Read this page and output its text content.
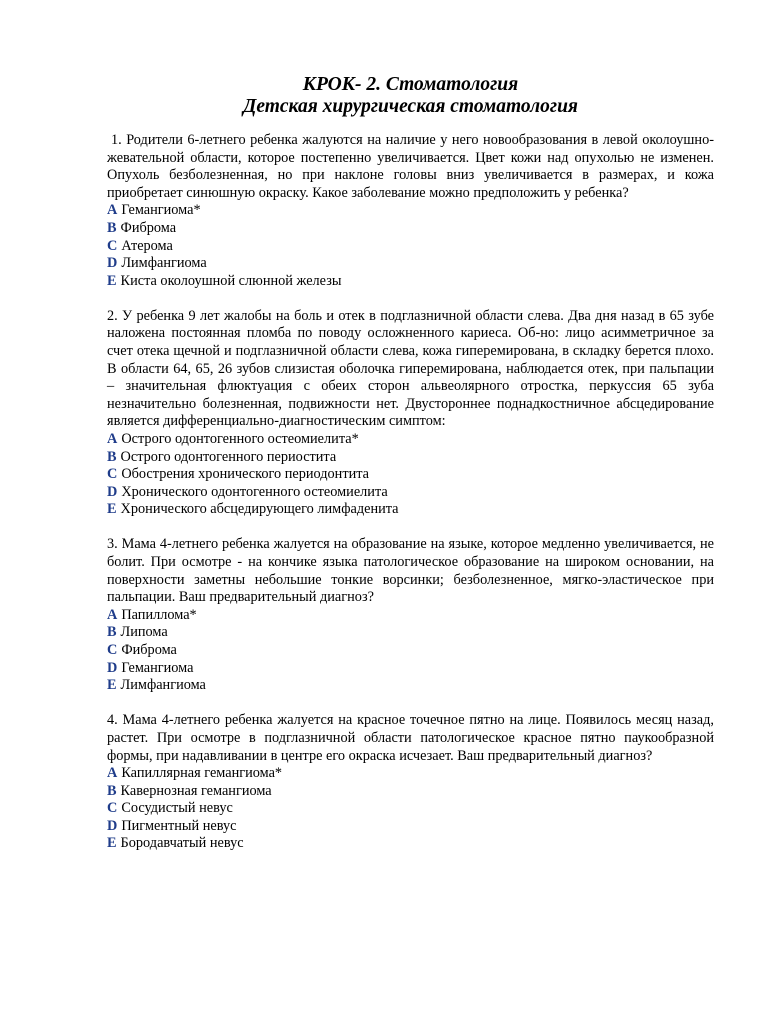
КРОК- 2. Стоматология
Детская хирургическая стоматология

1. Родители 6-летнего ребенка жалуются на наличие у него новообразования в левой околоушно-жевательной области, которое постепенно увеличивается. Цвет кожи над опухолью не изменен. Опухоль безболезненная, но при наклоне головы вниз увеличивается в размерах, и кожа приобретает синюшную окраску. Какое заболевание можно предположить у ребенка?

A Гемангиома*
B Фиброма
C Атерома
D Лимфангиома
E Киста околоушной слюнной железы

2. У ребенка 9 лет жалобы на боль и отек в подглазничной области слева. Два дня назад в 65 зубе наложена постоянная пломба по поводу осложненного кариеса. Об-но: лицо асимметричное за счет отека щечной и подглазничной области слева, кожа гиперемирована, в складку берется плохо. В области 64, 65, 26 зубов слизистая оболочка гиперемирована, наблюдается отек, при пальпации – значительная флюктуация с обеих сторон альвеолярного отростка, перкуссия 65 зуба незначительно болезненная, подвижности нет. Двустороннее поднадкостничное абсцедирование является дифференциально-диагностическим симптом:

A Острого одонтогенного остеомиелита*
B Острого одонтогенного периостита
C Обострения хронического периодонтита
D Хронического одонтогенного остеомиелита
E Хронического абсцедирующего лимфаденита

3. Мама 4-летнего ребенка жалуется на образование на языке, которое медленно увеличивается, не болит. При осмотре - на кончике языка патологическое образование на широком основании, на поверхности заметны небольшие тонкие ворсинки; безболезненное, мягко-эластическое при пальпации. Ваш предварительный диагноз?

A Папиллома*
B Липома
C Фиброма
D Гемангиома
E Лимфангиома

4. Мама 4-летнего ребенка жалуется на красное точечное пятно на лице. Появилось месяц назад, растет. При осмотре в подглазничной области патологическое красное пятно паукообразной формы, при надавливании в центре его окраска исчезает. Ваш предварительный диагноз?

A Капиллярная гемангиома*
B Кавернозная гемангиома
C Сосудистый невус
D Пигментный невус
E Бородавчатый невус
